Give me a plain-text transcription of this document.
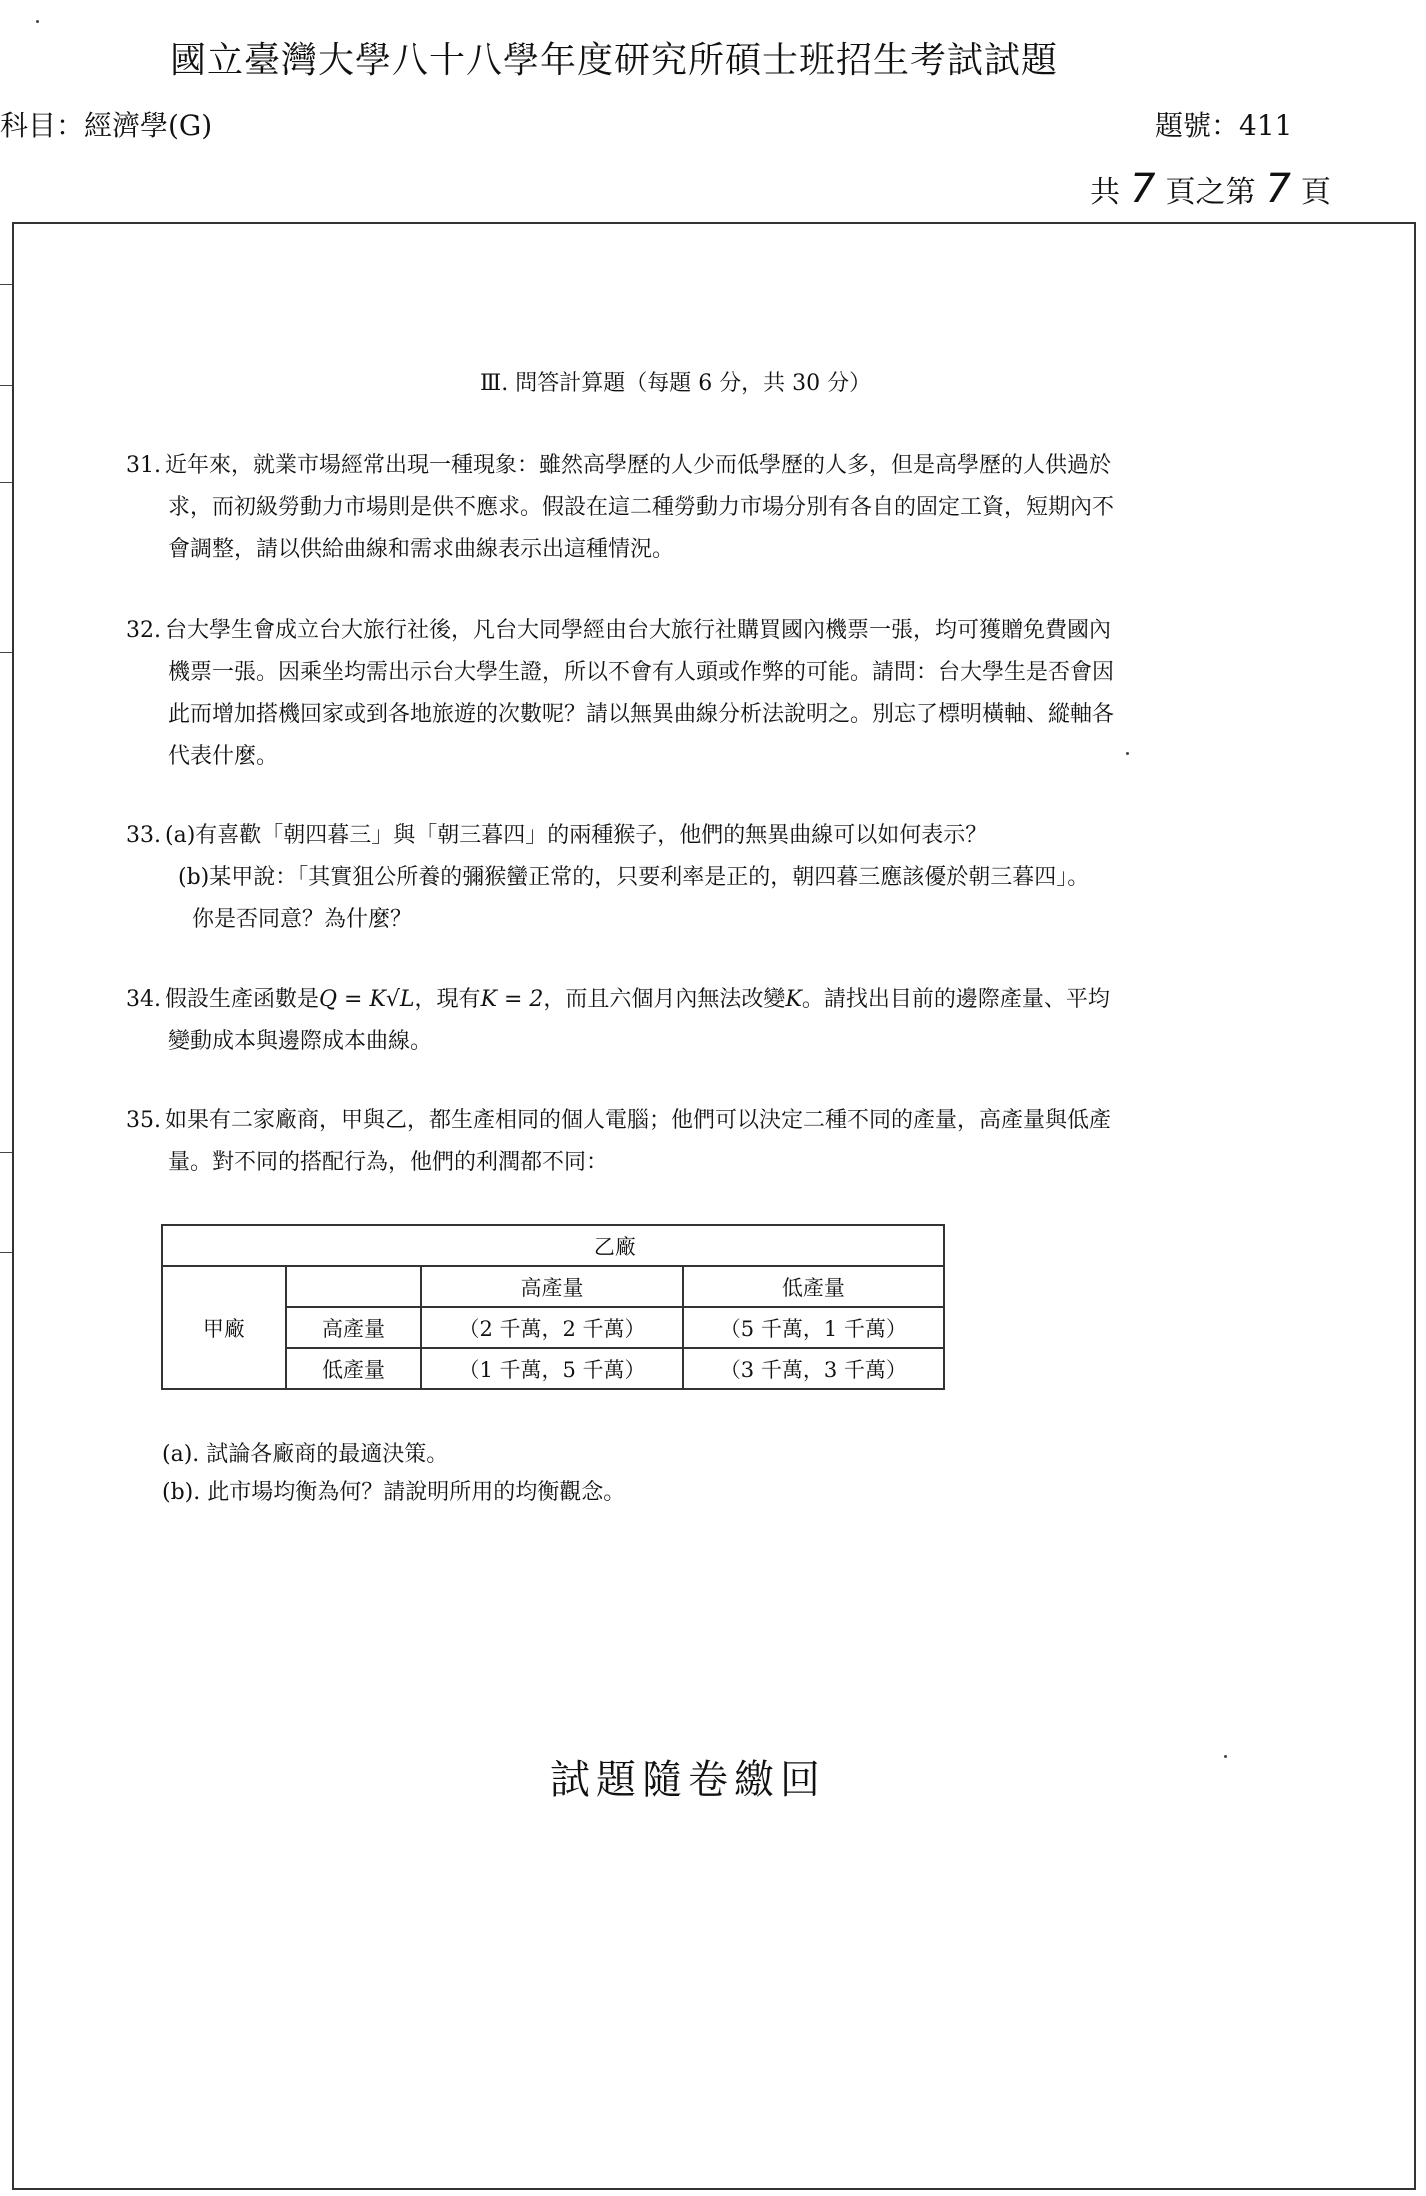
國立臺灣大學八十八學年度研究所碩士班招生考試試題
科目：經濟學(G)	題號：411
共 7 頁之第 7 頁
Ⅲ. 問答計算題（每題 6 分，共 30 分）
31. 近年來，就業市場經常出現一種現象：雖然高學歷的人少而低學歷的人多，但是高學歷的人供過於
求，而初級勞動力市場則是供不應求。假設在這二種勞動力市場分別有各自的固定工資，短期內不
會調整，請以供給曲線和需求曲線表示出這種情況。
32. 台大學生會成立台大旅行社後，凡台大同學經由台大旅行社購買國內機票一張，均可獲贈免費國內
機票一張。因乘坐均需出示台大學生證，所以不會有人頭或作弊的可能。請問：台大學生是否會因
此而增加搭機回家或到各地旅遊的次數呢？請以無異曲線分析法說明之。別忘了標明橫軸、縱軸各
代表什麼。
33. (a)有喜歡「朝四暮三」與「朝三暮四」的兩種猴子，他們的無異曲線可以如何表示？
(b)某甲說：「其實狙公所養的彌猴蠻正常的，只要利率是正的，朝四暮三應該優於朝三暮四」。
你是否同意？為什麼？
34. 假設生產函數是Q = K√L，現有K = 2，而且六個月內無法改變K。請找出目前的邊際產量、平均
變動成本與邊際成本曲線。
35. 如果有二家廠商，甲與乙，都生產相同的個人電腦；他們可以決定二種不同的產量，高產量與低產
量。對不同的搭配行為，他們的利潤都不同：
	乙廠		
甲廠		高產量	低產量
	高產量	（2 千萬，2 千萬）	（5 千萬，1 千萬）
	低產量	（1 千萬，5 千萬）	（3 千萬，3 千萬）
(a). 試論各廠商的最適決策。
(b). 此市場均衡為何？請說明所用的均衡觀念。
試題隨卷繳回
